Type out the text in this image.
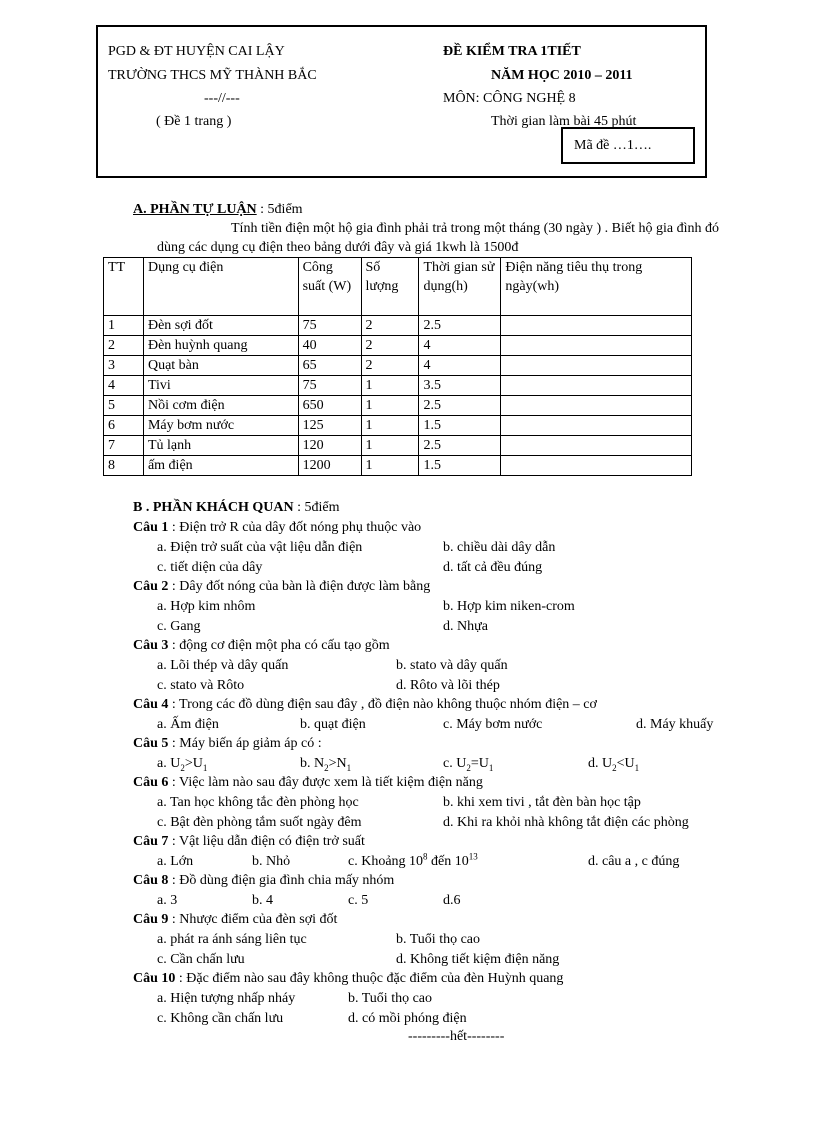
PGD & ĐT HUYỆN CAI LẬY
TRƯỜNG THCS MỸ THÀNH BẮC
---//---
( Đề 1 trang )
ĐỀ KIỂM TRA 1TIẾT
NĂM HỌC 2010 – 2011
MÔN: CÔNG NGHỆ 8
Thời gian làm bài 45 phút
Mã đề …1….
A. PHẦN TỰ LUẬN : 5điểm
Tính tiền điện một hộ gia đình phải trả trong một tháng (30 ngày ) . Biết hộ gia đình đó
dùng các dụng cụ điện theo bảng dưới đây và giá 1kwh là 1500đ
TT	Dụng cụ điện	Công suất (W)	Số lượng	Thời gian sử dụng(h)	Điện năng tiêu thụ trong ngày(wh)
1	Đèn sợi đốt	75	2	2.5	
2	Đèn huỳnh quang	40	2	4	
3	Quạt bàn	65	2	4	
4	Tivi	75	1	3.5	
5	Nồi cơm điện	650	1	2.5	
6	Máy bơm nước	125	1	1.5	
7	Tủ lạnh	120	1	2.5	
8	ấm điện	1200	1	1.5	
B . PHẦN KHÁCH QUAN : 5điểm
Câu 1 : Điện trở R của dây đốt nóng phụ thuộc vào
a. Điện trở suất của vật liệu dẫn điện	b. chiều dài dây dẫn
c. tiết diện của dây	d. tất cả đều đúng
Câu 2 : Dây đốt nóng của bàn là điện được làm bằng
a. Hợp kim nhôm	b. Hợp kim niken-crom
c. Gang	d. Nhựa
Câu 3 : động cơ điện một pha có cấu tạo gồm
a. Lõi thép và dây quấn	b. stato và dây quấn
c. stato và Rôto	d. Rôto và lõi thép
Câu 4 : Trong các đồ dùng điện sau đây , đồ điện nào không thuộc nhóm điện – cơ
a. Ấm điện	b. quạt điện	c. Máy bơm nước	d. Máy khuấy
Câu 5 : Máy biến áp giảm áp có :
a. $U_2>U_1$	b. $N_2>N_1$	c. $U_2=U_1$	d. $U_2<U_1$
Câu 6 : Việc làm nào sau đây được xem là tiết kiệm điện năng
a. Tan học không tắc đèn phòng học	b. khi xem tivi , tắt đèn bàn học tập
c. Bật đèn phòng tắm suốt ngày đêm	d. Khi ra khỏi nhà không tắt điện các phòng
Câu 7 : Vật liệu dẫn điện có điện trở suất
a. Lớn	b. Nhỏ	c. Khoảng $10^8$ đến $10^{13}$	d. câu a , c đúng
Câu 8 : Đồ dùng điện gia đình chia mấy nhóm
a. 3	b. 4	c. 5	d.6
Câu 9 : Nhược điểm của đèn sợi đốt
a. phát ra ánh sáng liên tục	b. Tuổi thọ cao
c. Cần chấn lưu	d. Không tiết kiệm điện năng
Câu 10 : Đặc điểm nào sau đây không thuộc đặc điểm của đèn Huỳnh quang
a. Hiện tượng nhấp nháy	b. Tuổi thọ cao
c. Không cần chấn lưu	d. có mồi phóng điện
---------hết--------
